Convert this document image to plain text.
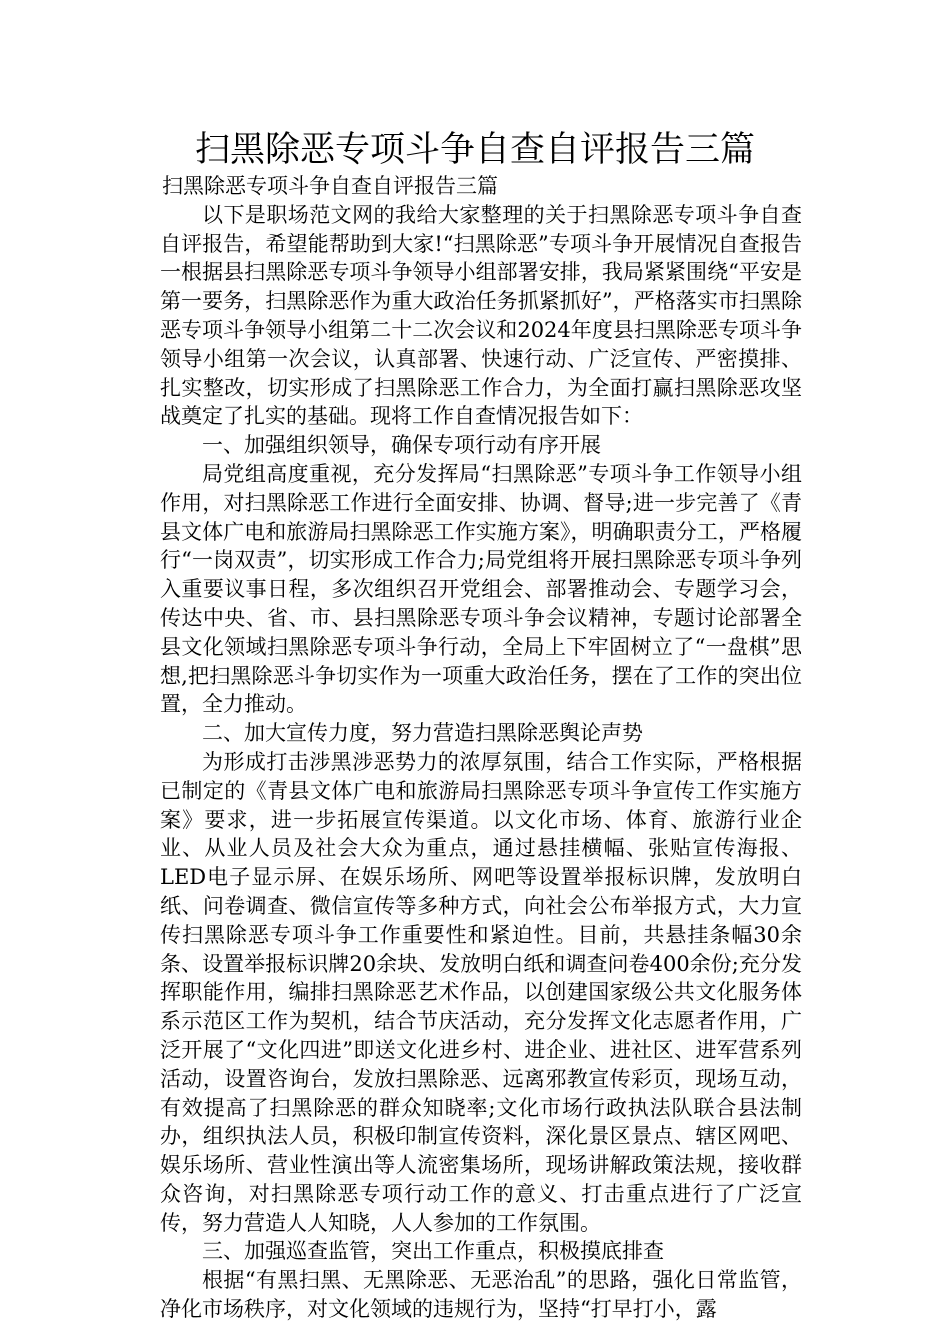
扫黑除恶专项斗争自查自评报告三篇

扫黑除恶专项斗争自查自评报告三篇

以下是职场范文网的我给大家整理的关于扫黑除恶专项斗争自查自评报告，希望能帮助到大家!“扫黑除恶”专项斗争开展情况自查报告一根据县扫黑除恶专项斗争领导小组部署安排，我局紧紧围绕“平安是第一要务，扫黑除恶作为重大政治任务抓紧抓好”，严格落实市扫黑除恶专项斗争领导小组第二十二次会议和2024年度县扫黑除恶专项斗争领导小组第一次会议，认真部署、快速行动、广泛宣传、严密摸排、扎实整改，切实形成了扫黑除恶工作合力，为全面打赢扫黑除恶攻坚战奠定了扎实的基础。现将工作自查情况报告如下：

一、加强组织领导，确保专项行动有序开展

局党组高度重视，充分发挥局“扫黑除恶”专项斗争工作领导小组作用，对扫黑除恶工作进行全面安排、协调、督导;进一步完善了《青县文体广电和旅游局扫黑除恶工作实施方案》，明确职责分工，严格履行“一岗双责”，切实形成工作合力;局党组将开展扫黑除恶专项斗争列入重要议事日程，多次组织召开党组会、部署推动会、专题学习会，传达中央、省、市、县扫黑除恶专项斗争会议精神，专题讨论部署全县文化领域扫黑除恶专项斗争行动，全局上下牢固树立了“一盘棋”思想,把扫黑除恶斗争切实作为一项重大政治任务，摆在了工作的突出位置，全力推动。

二、加大宣传力度，努力营造扫黑除恶舆论声势

为形成打击涉黑涉恶势力的浓厚氛围，结合工作实际，严格根据已制定的《青县文体广电和旅游局扫黑除恶专项斗争宣传工作实施方案》要求，进一步拓展宣传渠道。以文化市场、体育、旅游行业企业、从业人员及社会大众为重点，通过悬挂横幅、张贴宣传海报、LED电子显示屏、在娱乐场所、网吧等设置举报标识牌，发放明白纸、问卷调查、微信宣传等多种方式，向社会公布举报方式，大力宣传扫黑除恶专项斗争工作重要性和紧迫性。目前，共悬挂条幅30余条、设置举报标识牌20余块、发放明白纸和调查问卷400余份;充分发挥职能作用，编排扫黑除恶艺术作品，以创建国家级公共文化服务体系示范区工作为契机，结合节庆活动，充分发挥文化志愿者作用，广泛开展了“文化四进”即送文化进乡村、进企业、进社区、进军营系列活动，设置咨询台，发放扫黑除恶、远离邪教宣传彩页，现场互动，有效提高了扫黑除恶的群众知晓率;文化市场行政执法队联合县法制办，组织执法人员，积极印制宣传资料，深化景区景点、辖区网吧、娱乐场所、营业性演出等人流密集场所，现场讲解政策法规，接收群众咨询，对扫黑除恶专项行动工作的意义、打击重点进行了广泛宣传，努力营造人人知晓，人人参加的工作氛围。

三、加强巡查监管，突出工作重点，积极摸底排查

根据“有黑扫黑、无黑除恶、无恶治乱”的思路，强化日常监管，净化市场秩序，对文化领域的违规行为，坚持“打早打小，露
